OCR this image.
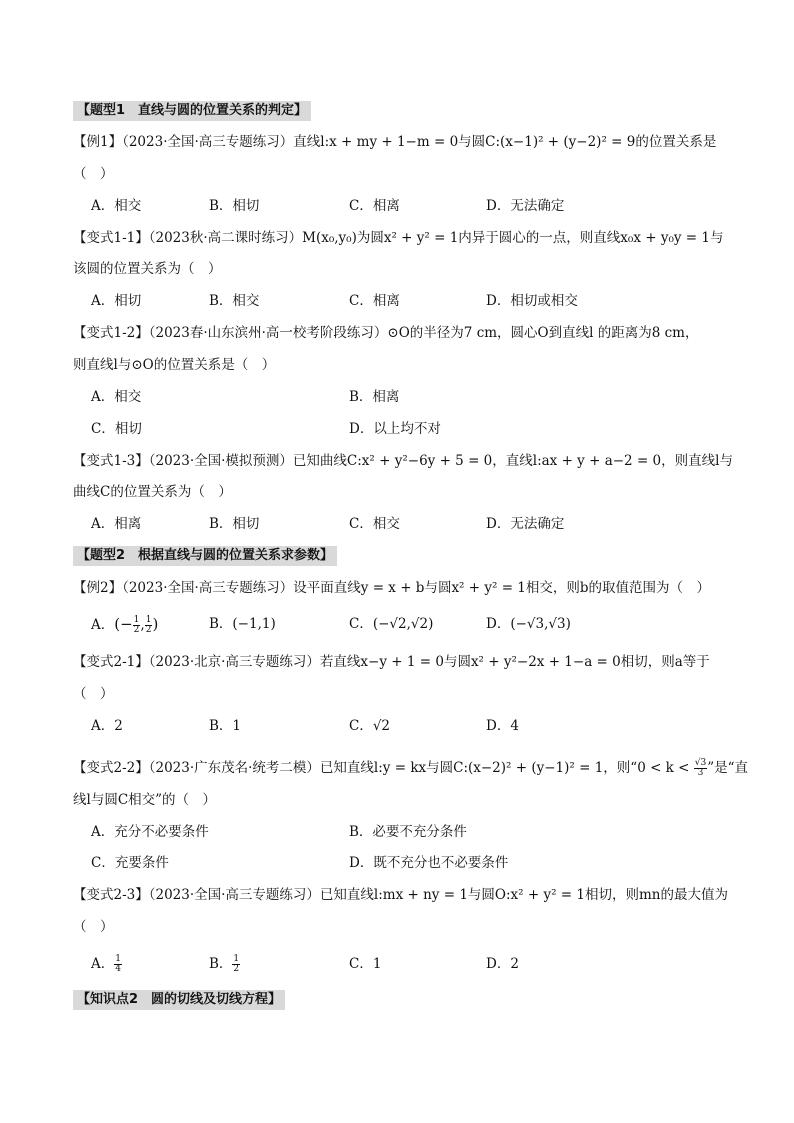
【题型1　直线与圆的位置关系的判定】
【例1】（2023·全国·高三专题练习）直线l:x + my + 1−m = 0与圆C:(x−1)² + (y−2)² = 9的位置关系是
（　）
A．相交	B．相切	C．相离	D．无法确定
【变式1-1】（2023秋·高二课时练习）M(x₀,y₀)为圆x² + y² = 1内异于圆心的一点，则直线x₀x + y₀y = 1与
该圆的位置关系为（　）
A．相切	B．相交	C．相离	D．相切或相交
【变式1-2】（2023春·山东滨州·高一校考阶段练习）⊙O的半径为7 cm，圆心O到直线l 的距离为8 cm，
则直线l与⊙O的位置关系是（　）
A．相交	B．相离
C．相切	D．以上均不对
【变式1-3】（2023·全国·模拟预测）已知曲线C:x² + y²−6y + 5 = 0，直线l:ax + y + a−2 = 0，则直线l与
曲线C的位置关系为（　）
A．相离	B．相切	C．相交	D．无法确定
【题型2　根据直线与圆的位置关系求参数】
【例2】（2023·全国·高三专题练习）设平面直线y = x + b与圆x² + y² = 1相交，则b的取值范围为（　）
A．(− $\frac{1}{2}$ , $\frac{1}{2}$ )	B．(−1,1)	C．(−√2,√2)	D．(−√3,√3)
【变式2-1】（2023·北京·高三专题练习）若直线x−y + 1 = 0与圆x² + y²−2x + 1−a = 0相切，则a等于
（　）
A．2	B．1	C．√2	D．4
【变式2-2】（2023·广东茂名·统考二模）已知直线l:y = kx与圆C:(x−2)² + (y−1)² = 1，则“$0 < k < \frac{√3}{3}$ ”是“直
线l与圆C相交”的（　）
A．充分不必要条件	B．必要不充分条件
C．充要条件	D．既不充分也不必要条件
【变式2-3】（2023·全国·高三专题练习）已知直线l:mx + ny = 1与圆O:x² + y² = 1相切，则mn的最大值为
（　）
A． $\frac{1}{4}$	B． $\frac{1}{2}$	C．1	D．2
【知识点2　圆的切线及切线方程】
